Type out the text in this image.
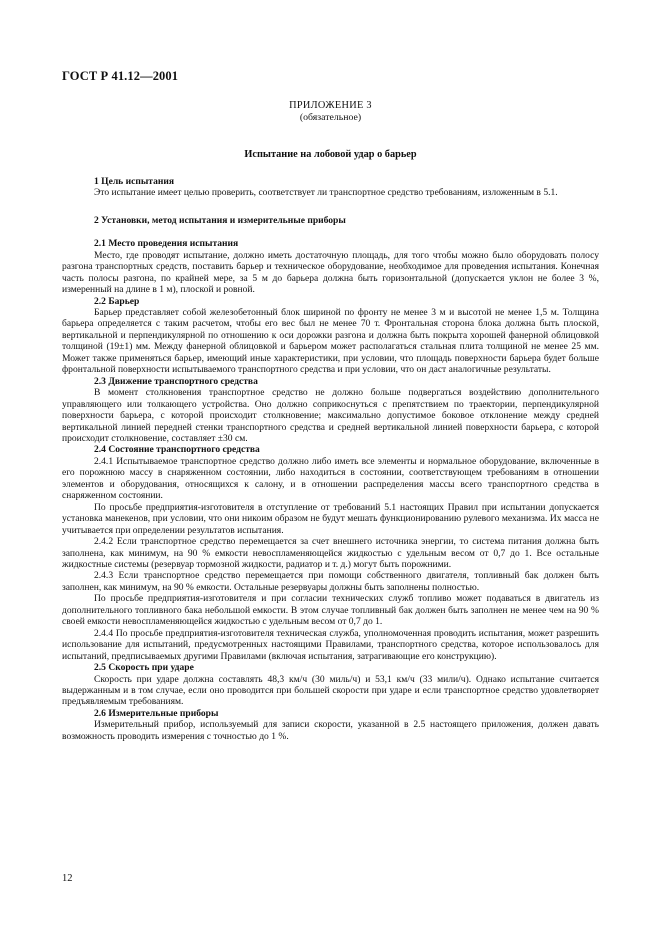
ГОСТ Р 41.12—2001
ПРИЛОЖЕНИЕ 3
(обязательное)
Испытание на лобовой удар о барьер
1 Цель испытания

Это испытание имеет целью проверить, соответствует ли транспортное средство требованиям, изложенным в 5.1.

2 Установки, метод испытания и измерительные приборы
2.1 Место проведения испытания

Место, где проводят испытание, должно иметь достаточную площадь, для того чтобы можно было оборудовать полосу разгона транспортных средств, поставить барьер и техническое оборудование, необходимое для проведения испытания. Конечная часть полосы разгона, по крайней мере, за 5 м до барьера должна быть горизонтальной (допускается уклон не более 3 %, измеренный на длине в 1 м), плоской и ровной.

2.2 Барьер

Барьер представляет собой железобетонный блок шириной по фронту не менее 3 м и высотой не менее 1,5 м. Толщина барьера определяется с таким расчетом, чтобы его вес был не менее 70 т. Фронтальная сторона блока должна быть плоской, вертикальной и перпендикулярной по отношению к оси дорожки разгона и должна быть покрыта хорошей фанерной облицовкой толщиной (19±1) мм. Между фанерной облицовкой и барьером может располагаться стальная плита толщиной не менее 25 мм. Может также применяться барьер, имеющий иные характеристики, при условии, что площадь поверхности барьера будет больше фронтальной поверхности испытываемого транспортного средства и при условии, что он даст аналогичные результаты.

2.3 Движение транспортного средства

В момент столкновения транспортное средство не должно больше подвергаться воздействию дополнительного управляющего или толкающего устройства. Оно должно соприкоснуться с препятствием по траектории, перпендикулярной поверхности барьера, с которой происходит столкновение; максимально допустимое боковое отклонение между средней вертикальной линией передней стенки транспортного средства и средней вертикальной линией поверхности барьера, с которой происходит столкновение, составляет ±30 см.

2.4 Состояние транспортного средства

2.4.1 Испытываемое транспортное средство должно либо иметь все элементы и нормальное оборудование, включенные в его порожнюю массу в снаряженном состоянии, либо находиться в состоянии, соответствующем требованиям в отношении элементов и оборудования, относящихся к салону, и в отношении распределения массы всего транспортного средства в снаряженном состоянии.

По просьбе предприятия-изготовителя в отступление от требований 5.1 настоящих Правил при испытании допускается установка манекенов, при условии, что они никоим образом не будут мешать функционированию рулевого механизма. Их масса не учитывается при определении результатов испытания.

2.4.2 Если транспортное средство перемещается за счет внешнего источника энергии, то система питания должна быть заполнена, как минимум, на 90 % емкости невоспламеняющейся жидкостью с удельным весом от 0,7 до 1. Все остальные жидкостные системы (резервуар тормозной жидкости, радиатор и т. д.) могут быть порожними.

2.4.3 Если транспортное средство перемещается при помощи собственного двигателя, топливный бак должен быть заполнен, как минимум, на 90 % емкости. Остальные резервуары должны быть заполнены полностью.

По просьбе предприятия-изготовителя и при согласии технических служб топливо может подаваться в двигатель из дополнительного топливного бака небольшой емкости. В этом случае топливный бак должен быть заполнен не менее чем на 90 % своей емкости невоспламеняющейся жидкостью с удельным весом от 0,7 до 1.

2.4.4 По просьбе предприятия-изготовителя техническая служба, уполномоченная проводить испытания, может разрешить использование для испытаний, предусмотренных настоящими Правилами, транспортного средства, которое использовалось для испытаний, предписываемых другими Правилами (включая испытания, затрагивающие его конструкцию).

2.5 Скорость при ударе

Скорость при ударе должна составлять 48,3 км/ч (30 миль/ч) и 53,1 км/ч (33 мили/ч). Однако испытание считается выдержанным и в том случае, если оно проводится при большей скорости при ударе и если транспортное средство удовлетворяет предъявляемым требованиям.

2.6 Измерительные приборы

Измерительный прибор, используемый для записи скорости, указанной в 2.5 настоящего приложения, должен давать возможность проводить измерения с точностью до 1 %.

12
